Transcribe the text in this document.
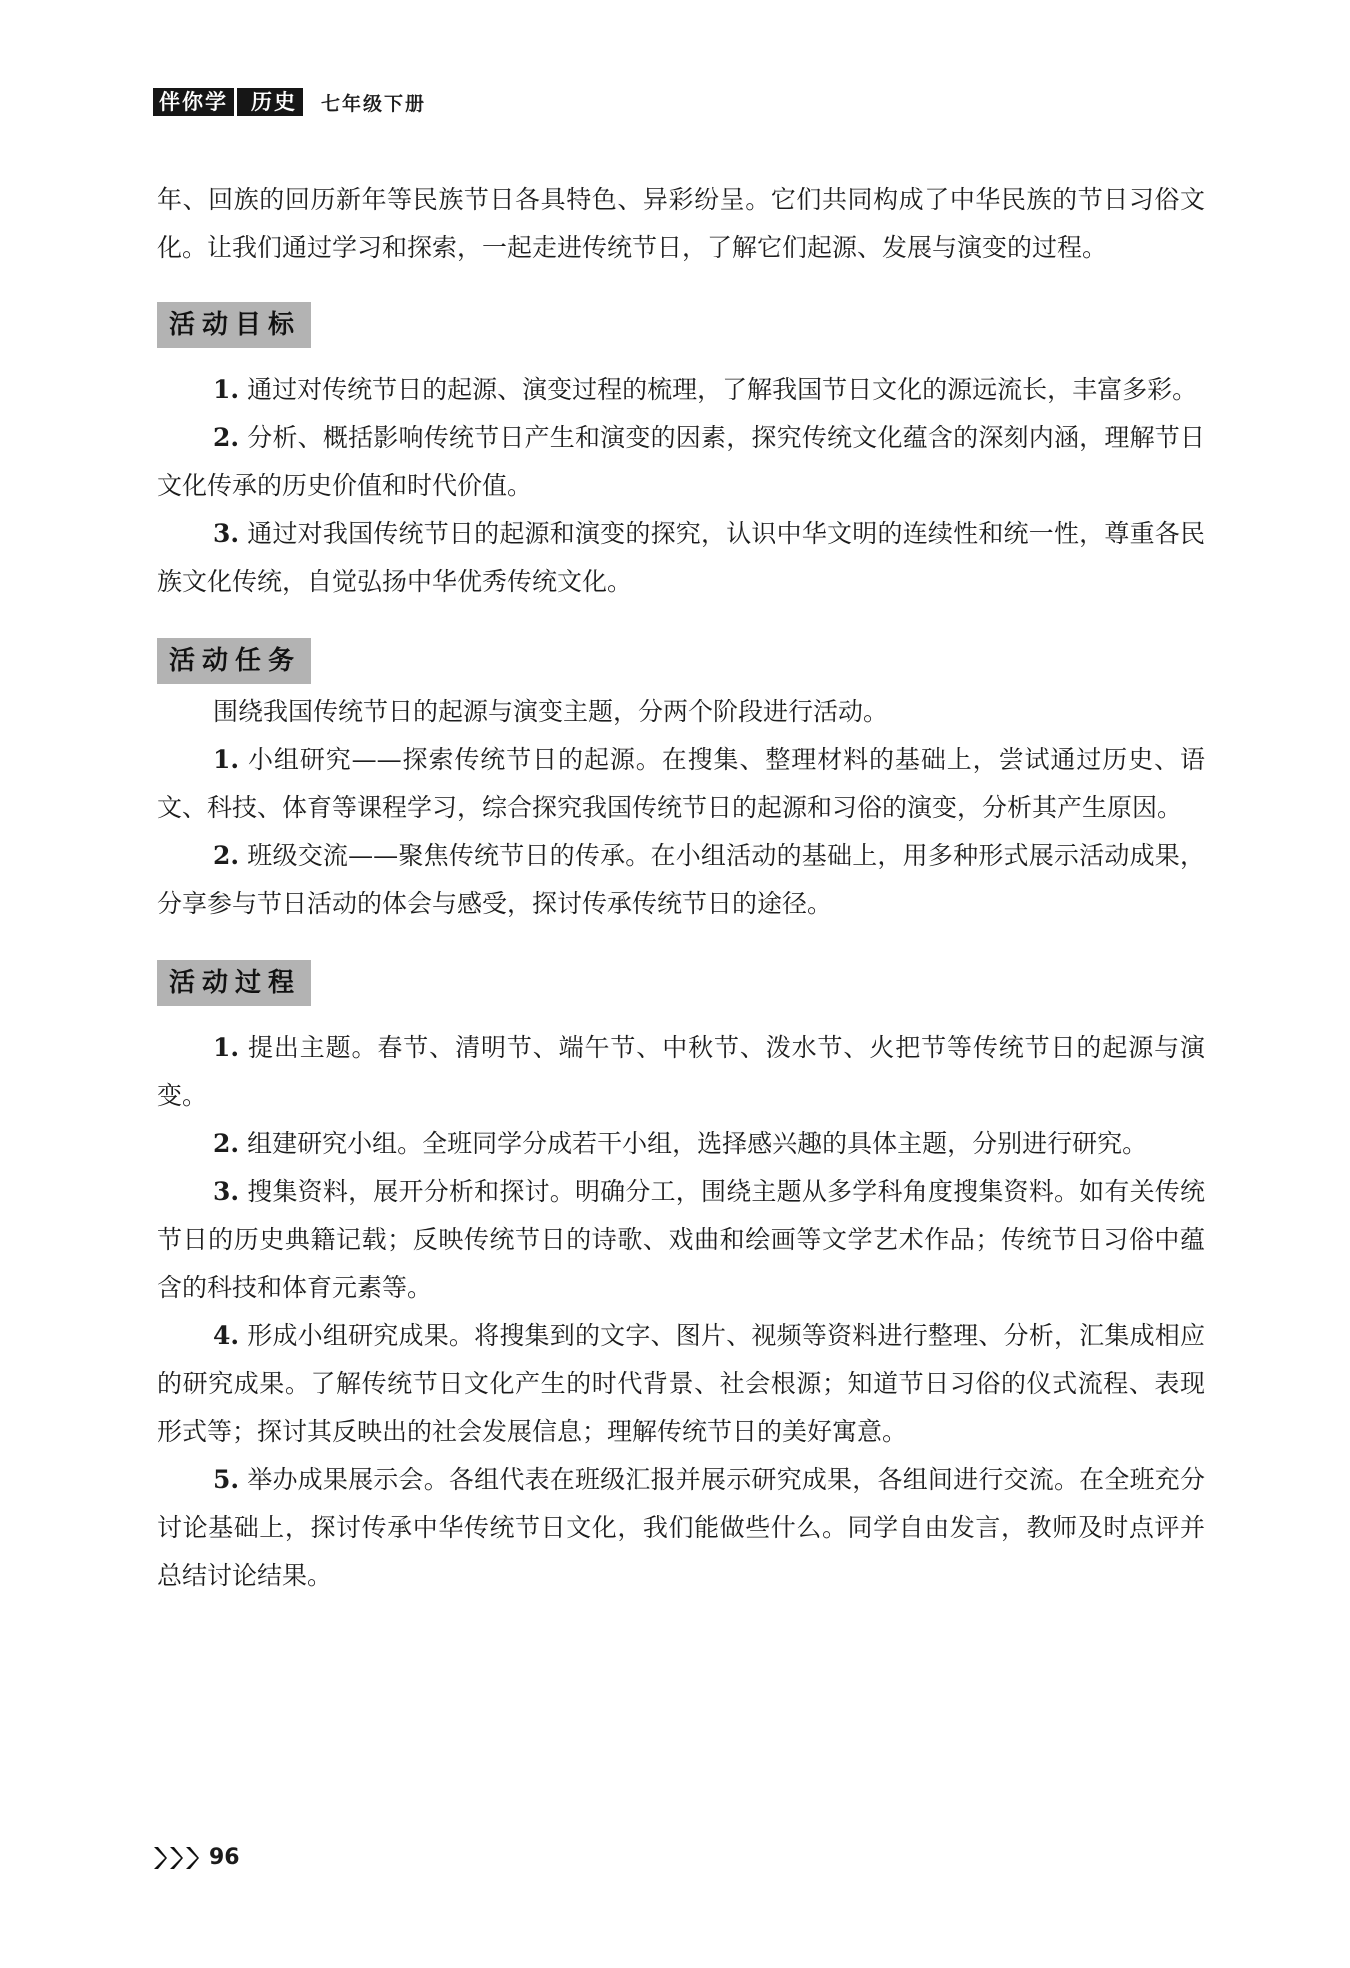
伴你学 历史	七年级下册

年、回族的回历新年等民族节日各具特色、异彩纷呈。它们共同构成了中华民族的节日习俗文化。让我们通过学习和探索，一起走进传统节日，了解它们起源、发展与演变的过程。

活动目标

1. 通过对传统节日的起源、演变过程的梳理，了解我国节日文化的源远流长，丰富多彩。

2. 分析、概括影响传统节日产生和演变的因素，探究传统文化蕴含的深刻内涵，理解节日文化传承的历史价值和时代价值。

3. 通过对我国传统节日的起源和演变的探究，认识中华文明的连续性和统一性，尊重各民族文化传统，自觉弘扬中华优秀传统文化。

活动任务

围绕我国传统节日的起源与演变主题，分两个阶段进行活动。

1. 小组研究——探索传统节日的起源。在搜集、整理材料的基础上，尝试通过历史、语文、科技、体育等课程学习，综合探究我国传统节日的起源和习俗的演变，分析其产生原因。

2. 班级交流——聚焦传统节日的传承。在小组活动的基础上，用多种形式展示活动成果，分享参与节日活动的体会与感受，探讨传承传统节日的途径。

活动过程

1. 提出主题。春节、清明节、端午节、中秋节、泼水节、火把节等传统节日的起源与演变。

2. 组建研究小组。全班同学分成若干小组，选择感兴趣的具体主题，分别进行研究。

3. 搜集资料，展开分析和探讨。明确分工，围绕主题从多学科角度搜集资料。如有关传统节日的历史典籍记载；反映传统节日的诗歌、戏曲和绘画等文学艺术作品；传统节日习俗中蕴含的科技和体育元素等。

4. 形成小组研究成果。将搜集到的文字、图片、视频等资料进行整理、分析，汇集成相应的研究成果。了解传统节日文化产生的时代背景、社会根源；知道节日习俗的仪式流程、表现形式等；探讨其反映出的社会发展信息；理解传统节日的美好寓意。

5. 举办成果展示会。各组代表在班级汇报并展示研究成果，各组间进行交流。在全班充分讨论基础上，探讨传承中华传统节日文化，我们能做些什么。同学自由发言，教师及时点评并总结讨论结果。

96
